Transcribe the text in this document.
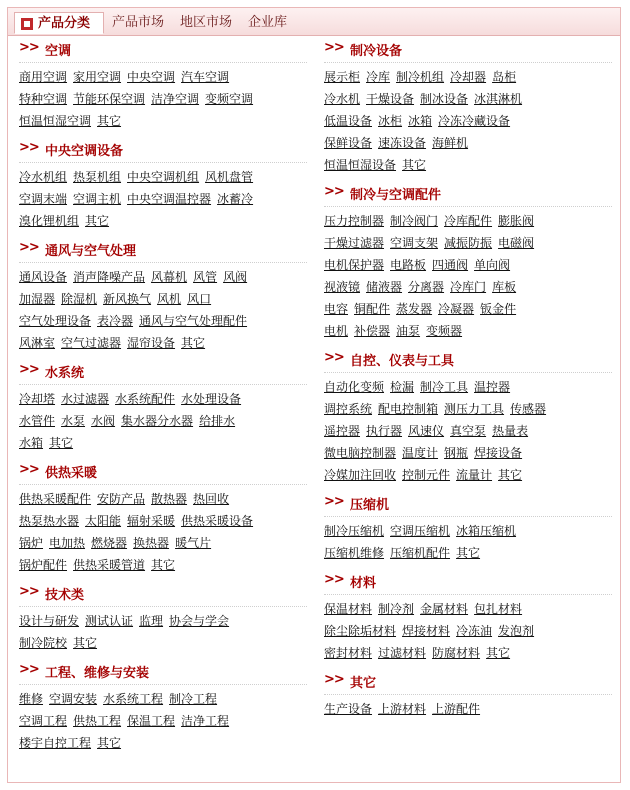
产品分类 产品市场 地区市场 企业库
>> 空调
商用空调 家用空调 中央空调 汽车空调
特种空调 节能环保空调 洁净空调 变频空调
恒温恒湿空调 其它
>> 中央空调设备
冷水机组 热泵机组 中央空调机组 风机盘管
空调末端 空调主机 中央空调温控器 冰蓄冷
溴化锂机组 其它
>> 通风与空气处理
通风设备 消声降噪产品 风幕机 风管 风阀
加湿器 除湿机 新风换气 风机 风口
空气处理设备 表冷器 通风与空气处理配件
风淋室 空气过滤器 湿帘设备 其它
>> 水系统
冷却塔 水过滤器 水系统配件 水处理设备
水管件 水泵 水阀 集水器分水器 给排水
水箱 其它
>> 供热采暖
供热采暖配件 安防产品 散热器 热回收
热泵热水器 太阳能 辐射采暖 供热采暖设备
锅炉 电加热 燃烧器 换热器 暖气片
锅炉配件 供热采暖管道 其它
>> 技术类
设计与研发 测试认证 监理 协会与学会
制冷院校 其它
>> 工程、维修与安装
维修 空调安装 水系统工程 制冷工程
空调工程 供热工程 保温工程 洁净工程
楼宇自控工程 其它
>> 制冷设备
展示柜 冷库 制冷机组 冷却器 岛柜
冷水机 干燥设备 制冰设备 冰淇淋机
低温设备 冰柜 冰箱 冷冻冷藏设备
保鲜设备 速冻设备 海鲜机
恒温恒湿设备 其它
>> 制冷与空调配件
压力控制器 制冷阀门 冷库配件 膨胀阀
干燥过滤器 空调支架 减振防振 电磁阀
电机保护器 电路板 四通阀 单向阀
视液镜 储液器 分离器 冷库门 库板
电容 铜配件 蒸发器 冷凝器 钣金件
电机 补偿器 油泵 变频器
>> 自控、仪表与工具
自动化变频 检漏 制冷工具 温控器
调控系统 配电控制箱 测压力工具 传感器
遥控器 执行器 风速仪 真空泵 热量表
微电脑控制器 温度计 钢瓶 焊接设备
冷媒加注回收 控制元件 流量计 其它
>> 压缩机
制冷压缩机 空调压缩机 冰箱压缩机
压缩机维修 压缩机配件 其它
>> 材料
保温材料 制冷剂 金属材料 包扎材料
除尘除垢材料 焊接材料 冷冻油 发泡剂
密封材料 过滤材料 防腐材料 其它
>> 其它
生产设备 上游材料 上游配件
